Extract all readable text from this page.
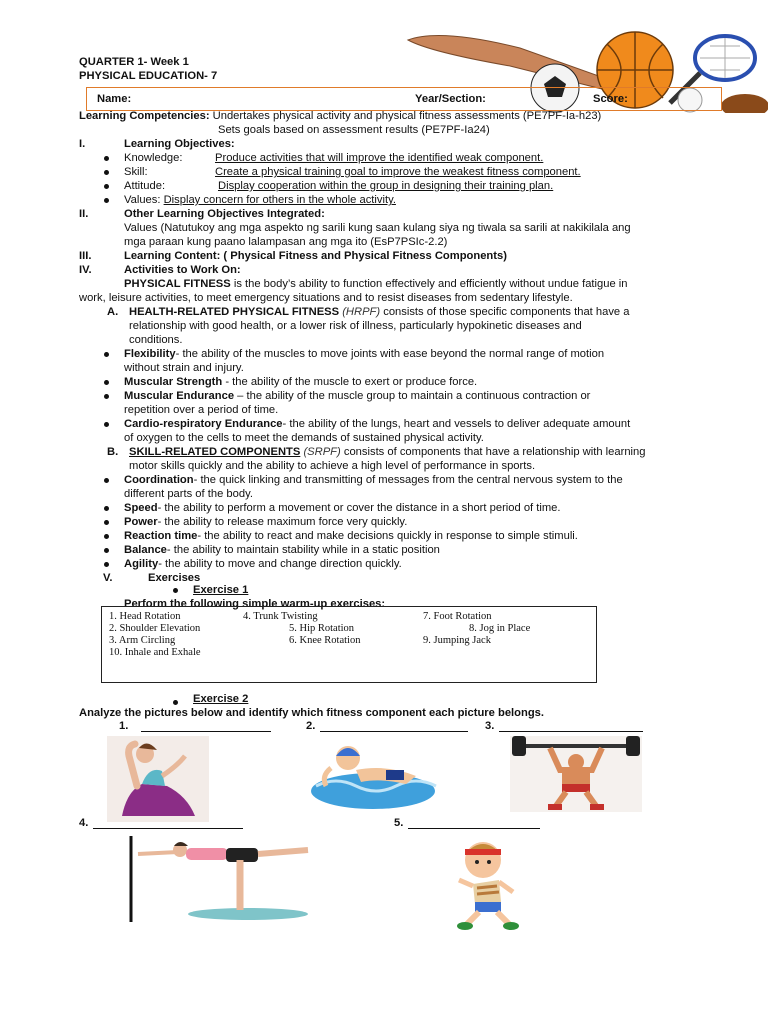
QUARTER 1- Week 1
PHYSICAL EDUCATION- 7
Name:	Year/Section:	Score:
Learning Competencies: Undertakes physical activity and physical fitness assessments (PE7PF-Ia-h23)
Sets goals based on assessment results (PE7PF-Ia24)
I.	Learning Objectives:
Knowledge:	Produce activities that will improve the identified weak component.
Skill:	Create a physical training goal to improve the weakest fitness component.
Attitude:	Display cooperation within the group in designing their training plan.
Values: Display concern for others in the whole activity.
II.	Other Learning Objectives Integrated:
Values (Natutukoy ang mga aspekto ng sarili kung saan kulang siya ng tiwala sa sarili at nakikilala ang
mga paraan kung paano lalampasan ang mga ito (EsP7PSIc-2.2)
III.	Learning Content: ( Physical Fitness and Physical Fitness Components)
IV.	Activities to Work On:
PHYSICAL FITNESS is the body’s ability to function effectively and efficiently without undue fatigue in
work, leisure activities, to meet emergency situations and to resist diseases from sedentary lifestyle.
A. HEALTH-RELATED PHYSICAL FITNESS (HRPF) consists of those specific components that have a
relationship with good health, or a lower risk of illness, particularly hypokinetic diseases and
conditions.
Flexibility- the ability of the muscles to move joints with ease beyond the normal range of motion
without strain and injury.
Muscular Strength - the ability of the muscle to exert or produce force.
Muscular Endurance – the ability of the muscle group to maintain a continuous contraction or
repetition over a period of time.
Cardio-respiratory Endurance- the ability of the lungs, heart and vessels to deliver adequate amount
of oxygen to the cells to meet the demands of sustained physical activity.
B. SKILL-RELATED COMPONENTS (SRPF) consists of components that have a relationship with learning
motor skills quickly and the ability to achieve a high level of performance in sports.
Coordination- the quick linking and transmitting of messages from the central nervous system to the
different parts of the body.
Speed- the ability to perform a movement or cover the distance in a short period of time.
Power- the ability to release maximum force very quickly.
Reaction time- the ability to react and make decisions quickly in response to simple stimuli.
Balance- the ability to maintain stability while in a static position
Agility- the ability to move and change direction quickly.
V.	Exercises
Exercise 1
Perform the following simple warm-up exercises:
1. Head Rotation	4. Trunk Twisting	7. Foot Rotation
2. Shoulder Elevation	5. Hip Rotation	8. Jog in Place
3. Arm Circling	6. Knee Rotation	9. Jumping Jack
10. Inhale and Exhale
Exercise 2
Analyze the pictures below and identify which fitness component each picture belongs.
1.	2.	3.
4.	5.
